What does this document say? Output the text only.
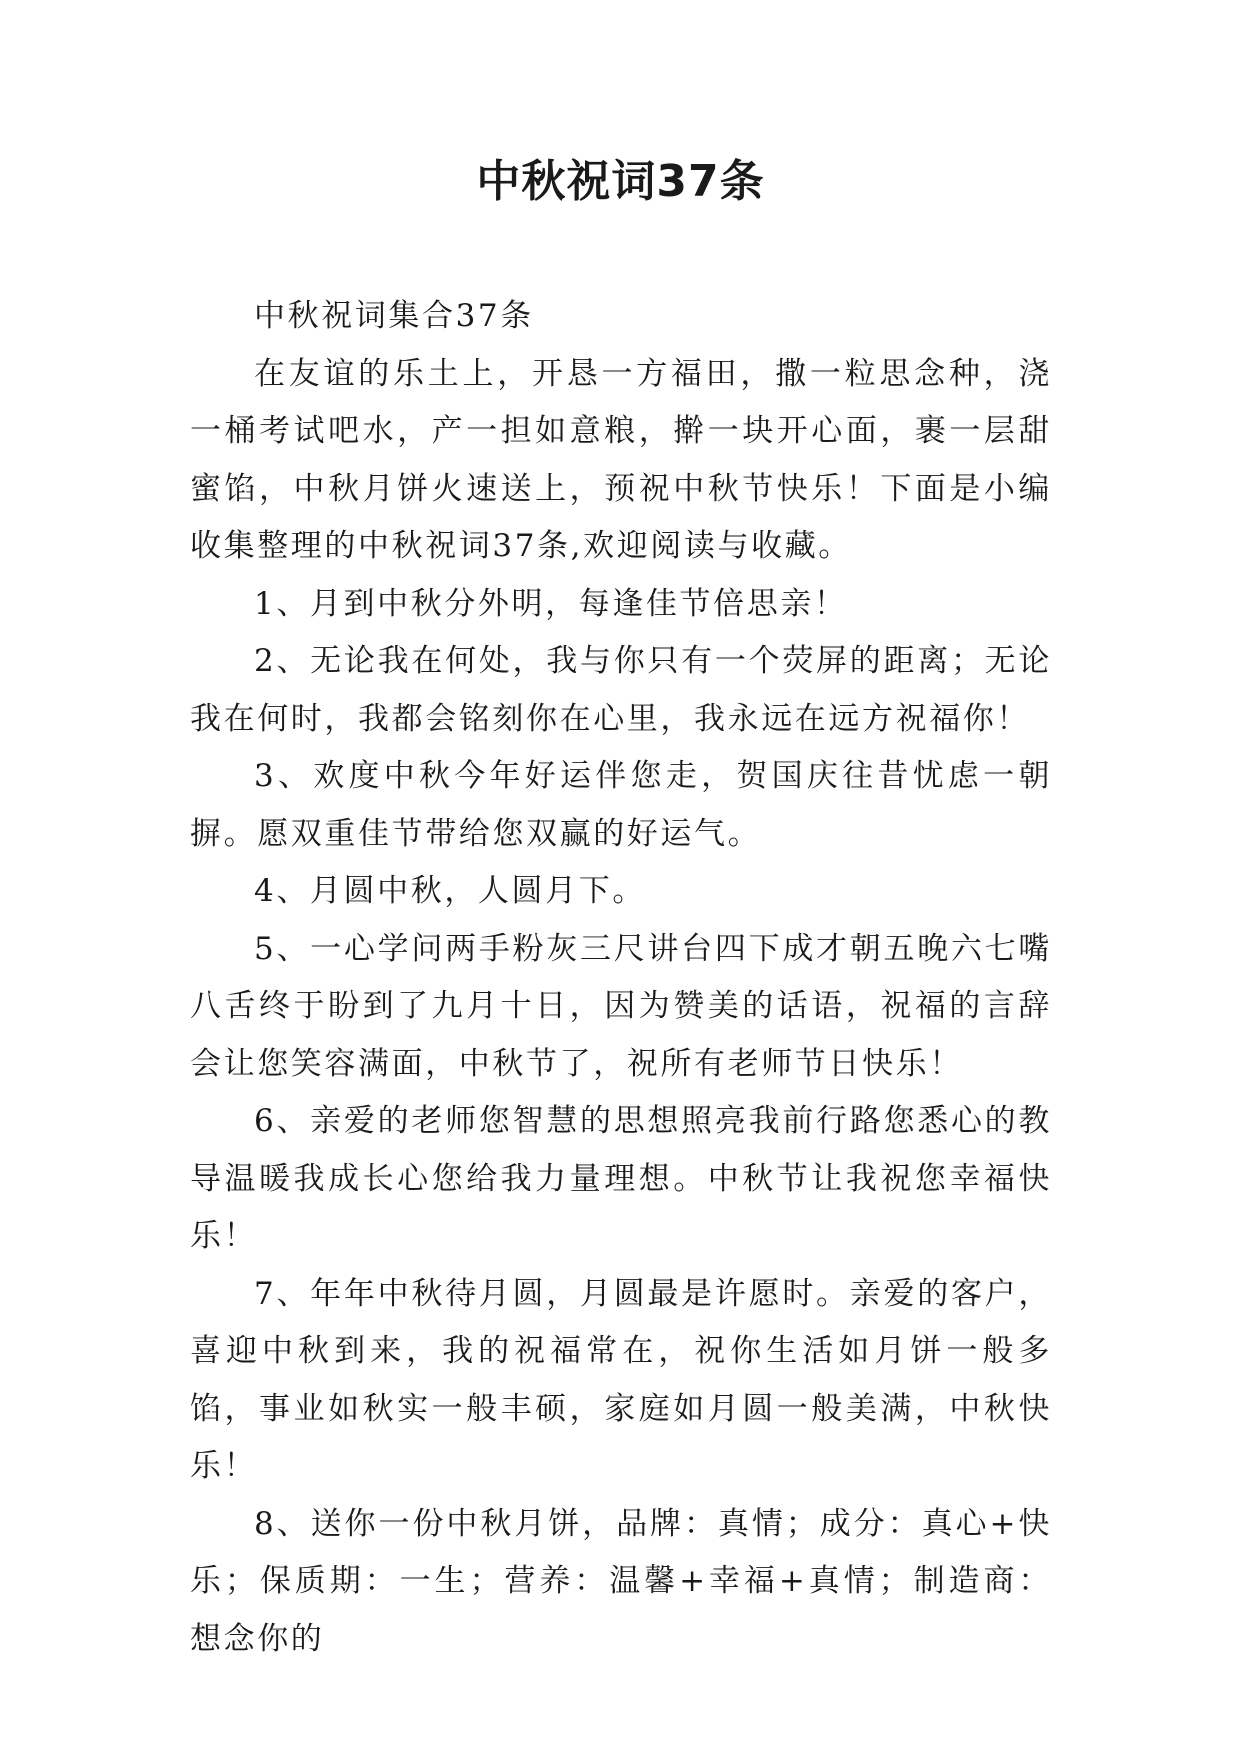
中秋祝词37条

中秋祝词集合37条

在友谊的乐土上，开恳一方福田，撒一粒思念种，浇一桶考试吧水，产一担如意粮，擀一块开心面，裹一层甜蜜馅，中秋月饼火速送上，预祝中秋节快乐！下面是小编收集整理的中秋祝词37条,欢迎阅读与收藏。

1、月到中秋分外明，每逢佳节倍思亲！

2、无论我在何处，我与你只有一个荧屏的距离；无论我在何时，我都会铭刻你在心里，我永远在远方祝福你！

3、欢度中秋今年好运伴您走，贺国庆往昔忧虑一朝摒。愿双重佳节带给您双赢的好运气。

4、月圆中秋，人圆月下。

5、一心学问两手粉灰三尺讲台四下成才朝五晚六七嘴八舌终于盼到了九月十日，因为赞美的话语，祝福的言辞会让您笑容满面，中秋节了，祝所有老师节日快乐！

6、亲爱的老师您智慧的思想照亮我前行路您悉心的教导温暖我成长心您给我力量理想。中秋节让我祝您幸福快乐！

7、年年中秋待月圆，月圆最是许愿时。亲爱的客户，喜迎中秋到来，我的祝福常在，祝你生活如月饼一般多馅，事业如秋实一般丰硕，家庭如月圆一般美满，中秋快乐！

8、送你一份中秋月饼，品牌：真情；成分：真心+快乐；保质期：一生；营养：温馨+幸福+真情；制造商：想念你的
